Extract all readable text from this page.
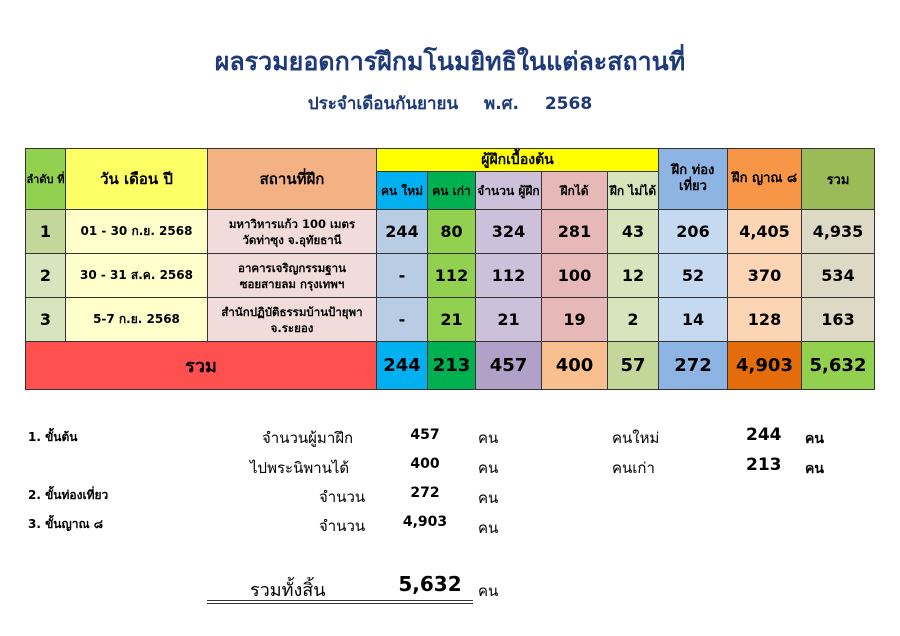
ผลรวมยอดการฝึกมโนมยิทธิในแต่ละสถานที่
ประจำเดือนกันยายน พ.ศ. 2568
ลำดับ ที่	วัน เดือน ปี	สถานที่ฝึก	ผู้ฝึกเบื้องต้น					ฝึก ท่องเที่ยว	ฝึก ญาณ ๘	รวม
			คน ใหม่	คน เก่า	จำนวน ผู้ฝึก	ฝึกได้	ฝึก ไม่ได้			
1	01 - 30 ก.ย. 2568	มหาวิหารแก้ว 100 เมตร
วัดท่าซุง จ.อุทัยธานี	244	80	324	281	43	206	4,405	4,935
2	30 - 31 ส.ค. 2568	อาคารเจริญกรรมฐาน
ซอยสายลม กรุงเทพฯ	-	112	112	100	12	52	370	534
3	5-7 ก.ย. 2568	สำนักปฏิบัติธรรมบ้านป้ายุพา
จ.ระยอง	-	21	21	19	2	14	128	163
รวม			244	213	457	400	57	272	4,903	5,632
1. ขั้นต้น	จำนวนผู้มาฝึก	457	คน
ไปพระนิพานได้	400	คน
คนใหม่	244 คน
คนเก่า	213 คน
2. ขั้นท่องเที่ยว	จำนวน	272	คน
3. ขั้นญาณ ๘	จำนวน	4,903	คน
รวมทั้งสิ้น	5,632	คน
